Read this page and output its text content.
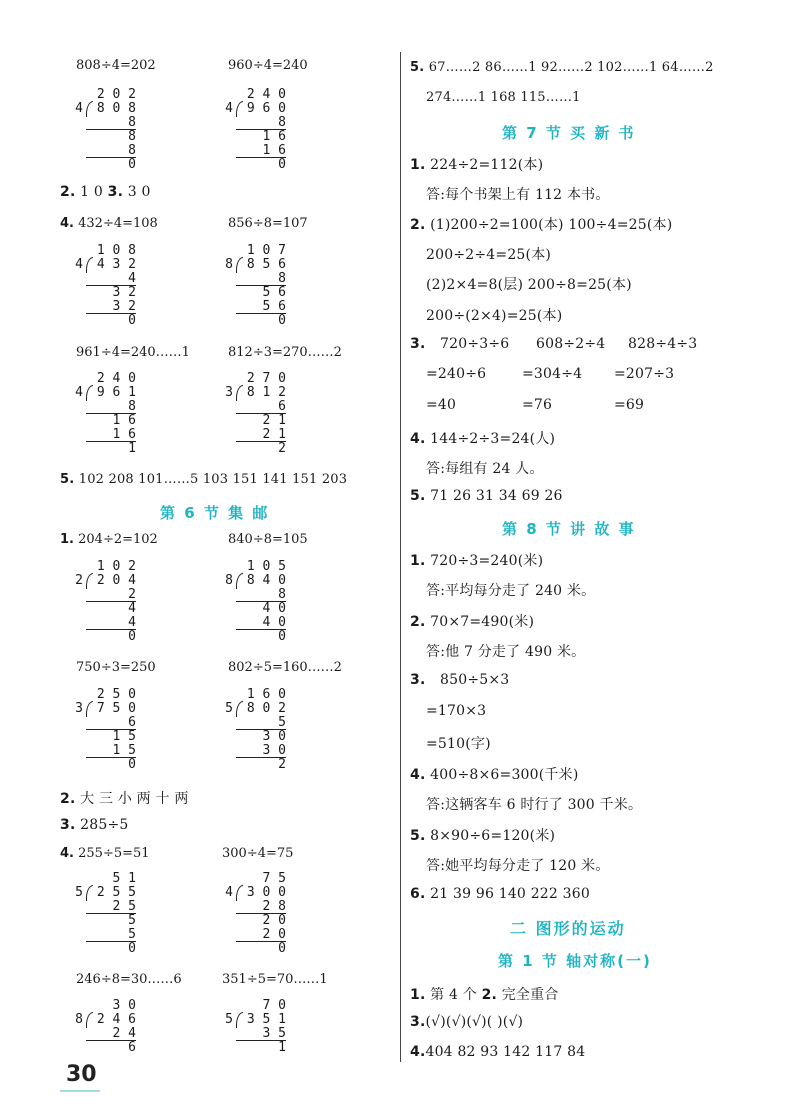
808÷4=202	960÷4=240
4
2 0 2
8 0 8
8
8
8
0
4
2 4 0
9 6 0
8
1 6
1 6
0
2. 1 0 3. 3 0
4. 432÷4=108	856÷8=107
4
1 0 8
4 3 2
4
3 2
3 2
0
8
1 0 7
8 5 6
8
5 6
5 6
0
961÷4=240……1	812÷3=270……2
4
2 4 0
9 6 1
8
1 6
1 6
1
3
2 7 0
8 1 2
6
2 1
2 1
2
5. 102 208 101……5 103 151 141 151 203
第 6 节 集 邮
1. 204÷2=102	840÷8=105
2
1 0 2
2 0 4
2
4
4
0
8
1 0 5
8 4 0
8
4 0
4 0
0
750÷3=250	802÷5=160……2
3
2 5 0
7 5 0
6
1 5
1 5
0
5
1 6 0
8 0 2
5
3 0
3 0
2
2. 大 三 小 两 十 两
3. 285÷5
4. 255÷5=51	300÷4=75
5
5 1
2 5 5
2 5
5
5
0
4
7 5
3 0 0
2 8
2 0
2 0
0
246÷8=30……6	351÷5=70……1
8
3 0
2 4 6
2 4
6
5
7 0
3 5 1
3 5
1
30
5. 67……2 86……1 92……2 102……1 64……2
274……1 168 115……1
第 7 节 买 新 书
1. 224÷2=112(本)
答:每个书架上有 112 本书。
2. (1)200÷2=100(本) 100÷4=25(本)
200÷2÷4=25(本)
(2)2×4=8(层) 200÷8=25(本)
200÷(2×4)=25(本)
3. 720÷3÷6 608÷2÷4 828÷4÷3
=240÷6	=304÷4 =207÷3
=40	=76	=69
4. 144÷2÷3=24(人)
答:每组有 24 人。
5. 71 26 31 34 69 26
第 8 节 讲 故 事
1. 720÷3=240(米)
答:平均每分走了 240 米。
2. 70×7=490(米)
答:他 7 分走了 490 米。
3. 850÷5×3
=170×3
=510(字)
4. 400÷8×6=300(千米)
答:这辆客车 6 时行了 300 千米。
5. 8×90÷6=120(米)
答:她平均每分走了 120 米。
6. 21 39 96 140 222 360
二 图形的运动
第 1 节 轴对称(一)
1. 第 4 个 2. 完全重合
3.(√)(√)(√)( )(√)
4.404 82 93 142 117 84
